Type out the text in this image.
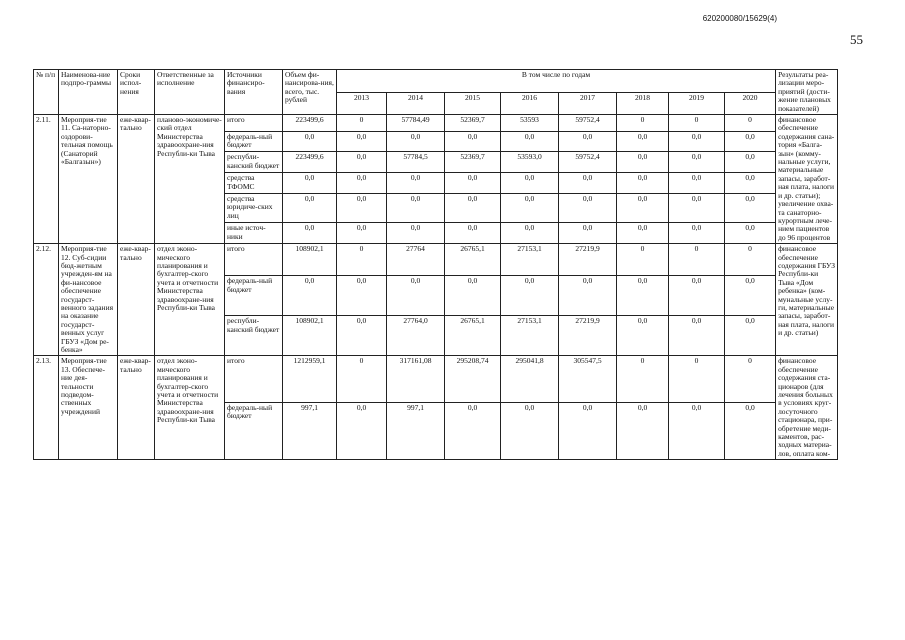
620200080/15629(4)
55
№ п/п	Наименова-ние подпро-граммы	Сроки испол-нения	Ответственные за исполнение	Источники финансиро-вания	Объем фи-нансирова-ния, всего, тыс. рублей	В том числе по годам								Результаты реа-лизации меро-приятий (дости-жение плановых показателей)
						2013	2014	2015	2016	2017	2018	2019	2020	
2.11.	Мероприя-тие 11. Са-наторно-оздорови-тельная помощь (Санаторий «Балгазын»)	еже-квар-тально	планово-экономиче-ский отдел Министерства здравоохране-ния Республи-ки Тыва	итого	223499,6	0	57784,49	52369,7	53593	59752,4	0	0	0	финансовое обеспечение содержания сана-тория «Балга-зын» (комму-нальные услуги, материальные запасы, заработ-ная плата, налоги и др. статьи); увеличение охва-та санаторно-курортным лече-нием пациентов до 96 процентов
				федераль-ный бюджет	0,0	0,0	0,0	0,0	0,0	0,0	0,0	0,0	0,0	
				республи-канский бюджет	223499,6	0,0	57784,5	52369,7	53593,0	59752,4	0,0	0,0	0,0	
				средства ТФОМС	0,0	0,0	0,0	0,0	0,0	0,0	0,0	0,0	0,0	
				средства юридиче-ских лиц	0,0	0,0	0,0	0,0	0,0	0,0	0,0	0,0	0,0	
				иные источ-ники	0,0	0,0	0,0	0,0	0,0	0,0	0,0	0,0	0,0	
2.12.	Мероприя-тие 12. Суб-сидии бюд-жетным учрежден-ям на фи-нансовое обеспечение государст-венного задания на оказание государст-венных услуг ГБУЗ «Дом ре-бенка»	еже-квар-тально	отдел эконо-мического планирования и бухгалтер-ского учета и отчетности Министерства здравоохране-ния Республи-ки Тыва	итого	108902,1	0	27764	26765,1	27153,1	27219,9	0	0	0	финансовое обеспечение содержания ГБУЗ Республи-ки Тыва «Дом ребенка» (ком-мунальные услу-ги, материальные запасы, заработ-ная плата, налоги и др. статьи)
				федераль-ный бюджет	0,0	0,0	0,0	0,0	0,0	0,0	0,0	0,0	0,0	
				республи-канский бюджет	108902,1	0,0	27764,0	26765,1	27153,1	27219,9	0,0	0,0	0,0	
2.13.	Мероприя-тие 13. Обеспече-ние дея-тельности подведом-ственных учреждений	еже-квар-тально	отдел эконо-мического планирования и бухгалтер-ского учета и отчетности Министерства здравоохране-ния Республи-ки Тыва	итого	1212959,1	0	317161,08	295208,74	295041,8	305547,5	0	0	0	финансовое обеспечение содержания ста-ционаров (для лечения больных в условиях круг-лосуточного стационара, при-обретение меди-каментов, рас-ходных материа-лов, оплата ком-
				федераль-ный бюджет	997,1	0,0	997,1	0,0	0,0	0,0	0,0	0,0	0,0	
